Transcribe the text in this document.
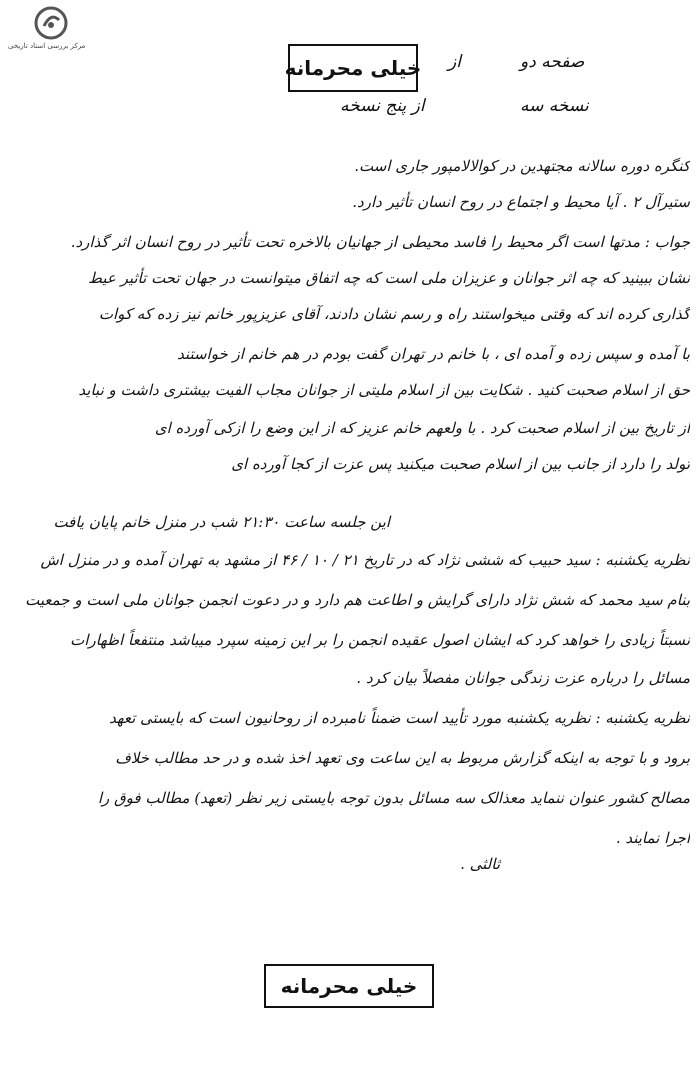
مرکز بررسی اسناد تاریخی
خیلی محرمانه از	صفحه دو
از پنج نسخه	نسخه سه
کنگره دوره سالانه مجتهدین در کوالالامپور جاری است.
ستیرآل ۲ . آیا محیط و اجتماع در روح انسان تأثیر دارد.
جواب : مدتها است اگر محیط را فاسد محیطی از جهانیان بالاخره تحت تأثیر در روح انسان اثر گذارد.
نشان ببینید که چه اثر جوانان و عزیزان ملی است که چه اتفاق میتوانست در جهان تحت تأثیر عیط
گذاری کرده اند که وقتی میخواستند راه و رسم نشان دادند، آقای عزیزپور خانم نیز زده که کوات
با آمده و سپس زده و آمده ای ، با خانم در تهران گفت بودم در هم خانم از خواستند
حق از اسلام صحبت کنید . شکایت بین از اسلام ملیتی از جوانان مجاب الفیت بیشتری داشت و نباید
از تاریخ بین از اسلام صحبت کرد . با ولعهم خانم عزیز که از این وضع را ازکی آورده ای
تولد را دارد از جانب بین از اسلام صحبت میکنید پس عزت از کجا آورده ای
این جلسه ساعت ۲۱:۳۰ شب در منزل خانم پایان یافت
نظریه یکشنبه : سید حبیب که ششی نژاد که در تاریخ ۲۱ / ۱۰ / ۴۶ از مشهد به تهران آمده و در منزل اش
بنام سید محمد که شش نژاد دارای گرایش و اطاعت هم دارد و در دعوت انجمن جوانان ملی است و جمعیت
نسبتاً زیادی را خواهد کرد که ایشان اصول عقیده انجمن را بر این زمینه سپرد میباشد منتفعاً اظهارات
مسائل را درباره عزت زندگی جوانان مفصلاً بیان کرد .
نظریه یکشنبه : نظریه یکشنبه مورد تأیید است ضمناً نامبرده از روحانیون است که بایستی تعهد
برود و با توجه به اینکه گزارش مربوط به این ساعت وی تعهد اخذ شده و در حد مطالب خلاف
مصالح کشور عنوان ننماید معذالک سه مسائل بدون توجه بایستی زیر نظر (تعهد) مطالب فوق را
اجرا نمایند .
ثالثی .
خیلی محرمانه
